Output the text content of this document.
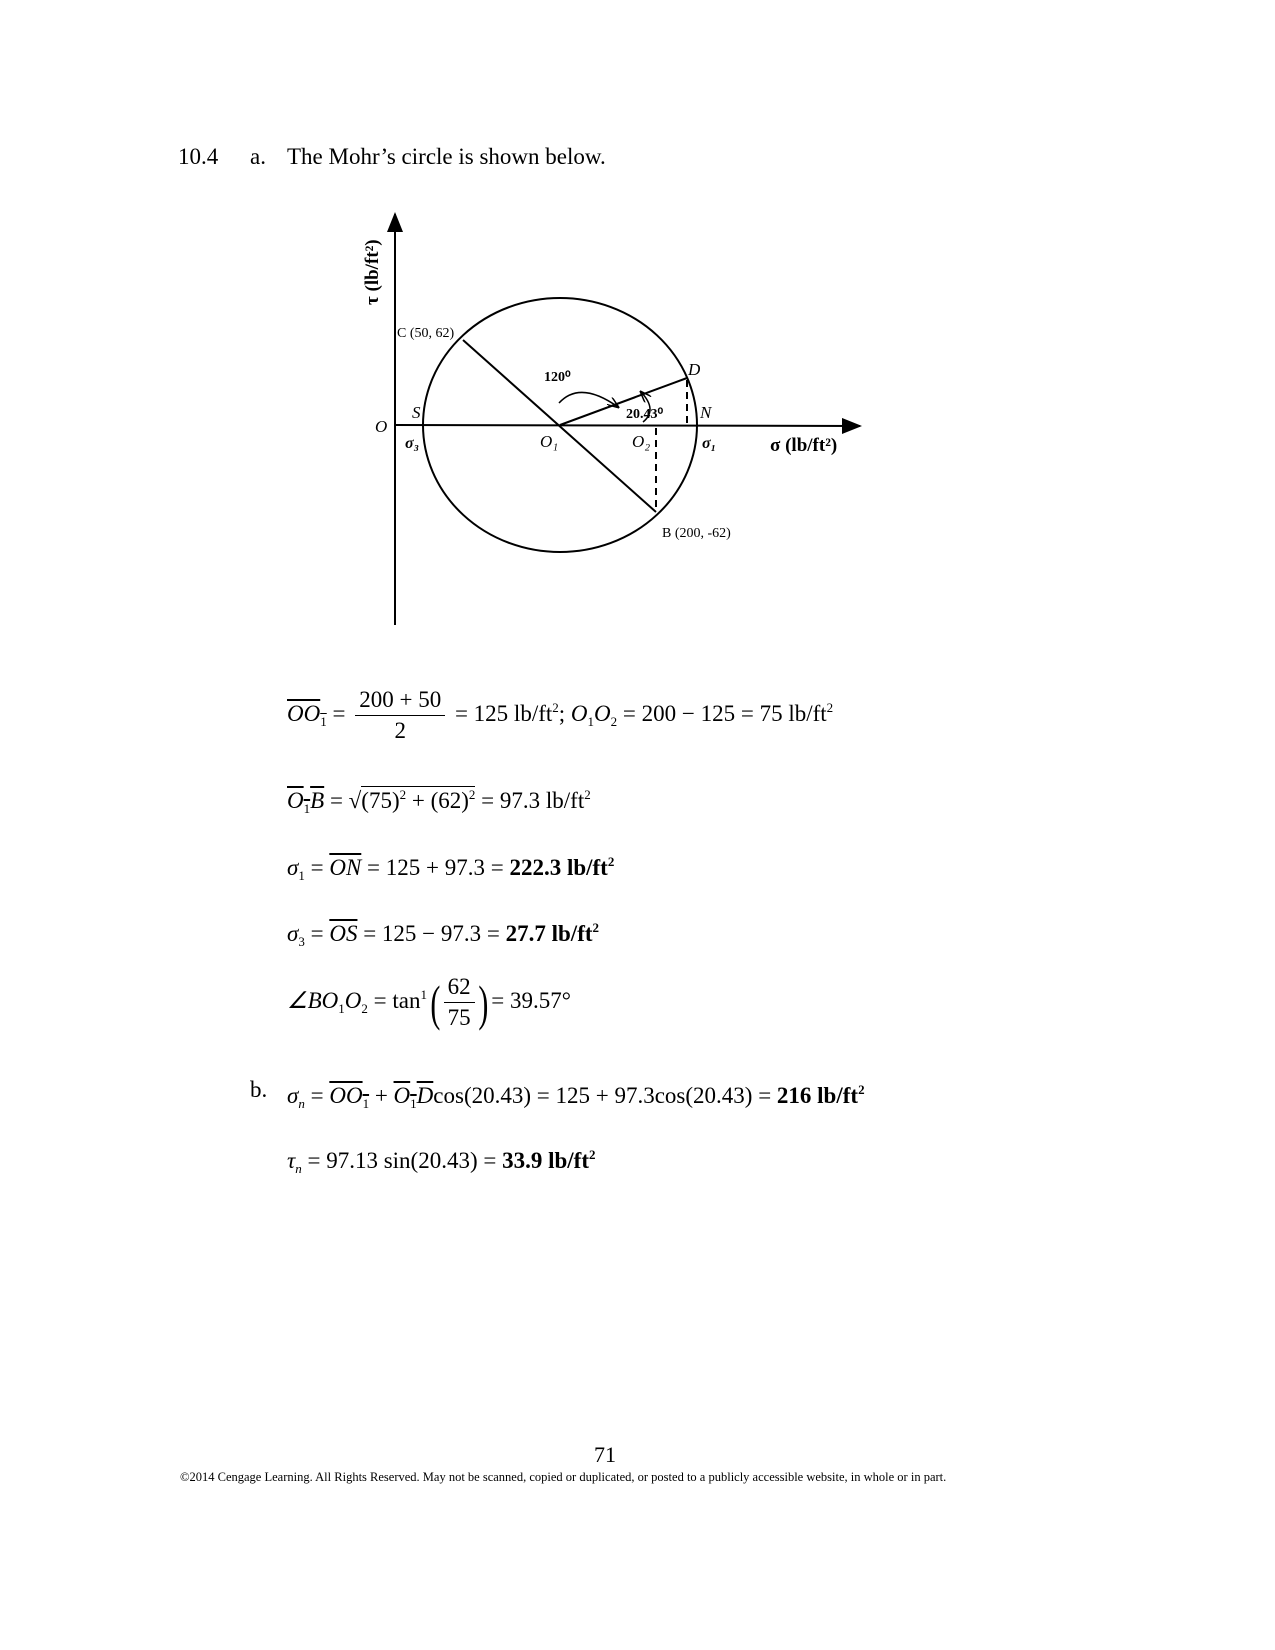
10.4 a. The Mohr’s circle is shown below.
τ (lb/ft²)
σ (lb/ft²)
O
C (50, 62)
B (200, -62)
D
S	N
O₁	O₂
σ₃	σ₁
120⁰
20.43⁰
$\overline{OO}_1 = \frac{200 + 50}{2} = 125$ $lb/ft^2$; $O_1O_2 = 200 - 125 = 75$ $lb/ft^2$
$O_1B = √(75)^2 + (62)^2 = 97.3$ $lb/ft^2$
$\sigma_1 = \overline{ON} = 125 + 97.3 = 222.3$ $lb/ft^2$
$\sigma_3 = \overline{OS} = 125 - 97.3 = 27.7$ $lb/ft^2$
$\angle BO_1O_2 = \tan^1( \frac{62}{75}$ ) = 39.57°
b. $\sigma_n = OO_1 + O_1Dcos(20.43) = 125 + 97.3\cos(20.43) = 216$ $lb/ft^2$
$\tau_n = 97.13$ sin(20.43) = 33.9 $lb/ft^2$
71
©2014 Cengage Learning. All Rights Reserved. May not be scanned, copied or duplicated, or posted to a publicly accessible website, in whole or in part.
